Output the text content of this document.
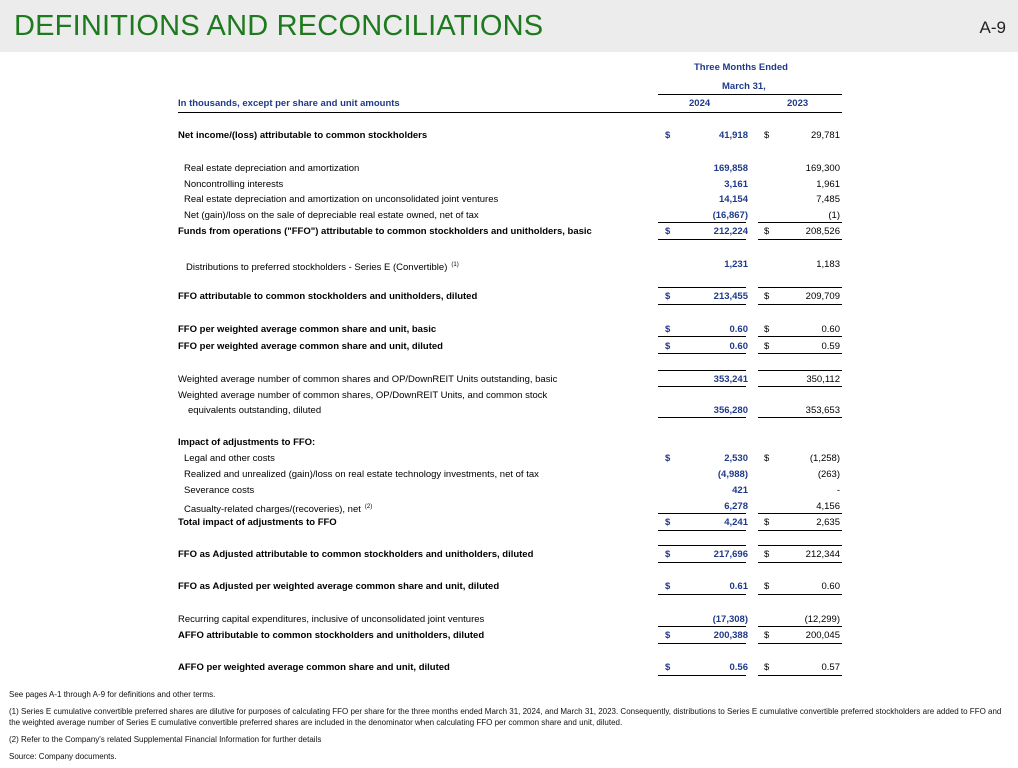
DEFINITIONS AND RECONCILIATIONS	A-9
Three Months Ended
March 31,
In thousands, except per share and unit amounts	2024	2023
Net income/(loss) attributable to common stockholders	$	41,918 $	29,781
Real estate depreciation and amortization	169,858	169,300
Noncontrolling interests	3,161	1,961
Real estate depreciation and amortization on unconsolidated joint ventures	14,154	7,485
Net (gain)/loss on the sale of depreciable real estate owned, net of tax	(16,867)	(1)
Funds from operations ("FFO") attributable to common stockholders and unitholders, basic	$	212,224 $	208,526
Distributions to preferred stockholders - Series E (Convertible) $^{(1)}$	1,231	1,183
FFO attributable to common stockholders and unitholders, diluted	$	213,455 $	209,709
FFO per weighted average common share and unit, basic	$	0.60 $	0.60
FFO per weighted average common share and unit, diluted	$	0.60 $	0.59
Weighted average number of common shares and OP/DownREIT Units outstanding, basic	353,241	350,112
Weighted average number of common shares, OP/DownREIT Units, and common stock
equivalents outstanding, diluted	356,280	353,653
Impact of adjustments to FFO:
Legal and other costs	$	2,530 $	(1,258)
Realized and unrealized (gain)/loss on real estate technology investments, net of tax	(4,988)	(263)
Severance costs	421	-
Casualty-related charges/(recoveries), net $^{(2)}$	6,278	4,156
Total impact of adjustments to FFO	$	4,241 $	2,635
FFO as Adjusted attributable to common stockholders and unitholders, diluted	$	217,696 $	212,344
FFO as Adjusted per weighted average common share and unit, diluted	$	0.61 $	0.60
Recurring capital expenditures, inclusive of unconsolidated joint ventures	(17,308)	(12,299)
AFFO attributable to common stockholders and unitholders, diluted	$	200,388 $	200,045
AFFO per weighted average common share and unit, diluted	$	0.56 $	0.57
See pages A-1 through A-9 for definitions and other terms.
(1) Series E cumulative convertible preferred shares are dilutive for purposes of calculating FFO per share for the three months ended March 31, 2024, and March 31, 2023. Consequently, distributions to Series E cumulative convertible preferred stockholders are added to FFO and the weighted average number of Series E cumulative convertible preferred shares are included in the denominator when calculating FFO per common share and unit, diluted.
(2) Refer to the Company's related Supplemental Financial Information for further details
Source: Company documents.
